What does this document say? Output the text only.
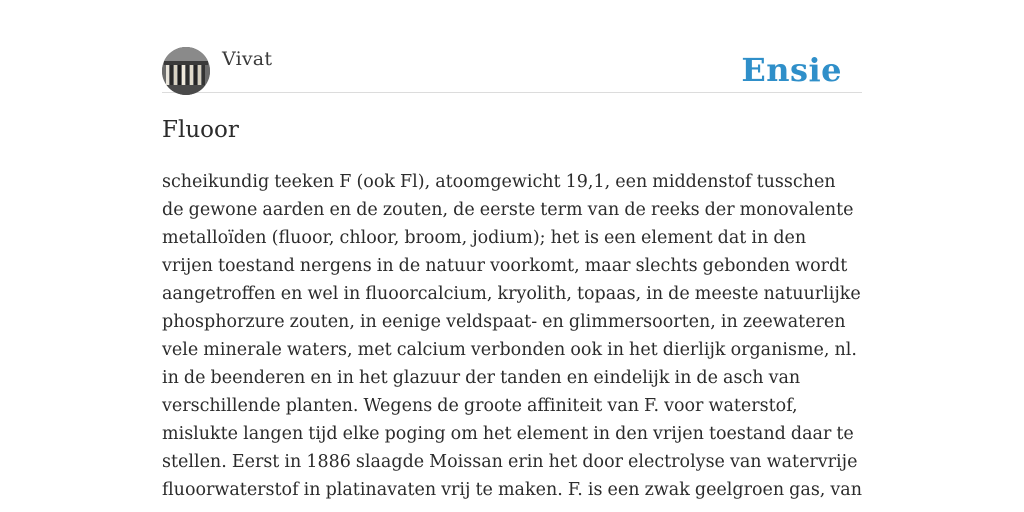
Vivat	Ensie
Fluoor

scheikundig teeken F (ook Fl), atoomgewicht 19,1, een middenstof tusschen de gewone aarden en de zouten, de eerste term van de reeks der monovalente metalloïden (fluoor, chloor, broom, jodium); het is een element dat in den vrijen toestand nergens in de natuur voorkomt, maar slechts gebonden wordt aangetroffen en wel in fluoorcalcium, kryolith, topaas, in de meeste natuurlijke phosphorzure zouten, in eenige veldspaat- en glimmersoorten, in zeewateren vele minerale waters, met calcium verbonden ook in het dierlijk organisme, nl. in de beenderen en in het glazuur der tanden en eindelijk in de asch van verschillende planten. Wegens de groote affiniteit van F. voor waterstof, mislukte langen tijd elke poging om het element in den vrijen toestand daar te stellen. Eerst in 1886 slaagde Moissan erin het door electrolyse van watervrije fluoorwaterstof in platinavaten vrij te maken. F. is een zwak geelgroen gas, van
